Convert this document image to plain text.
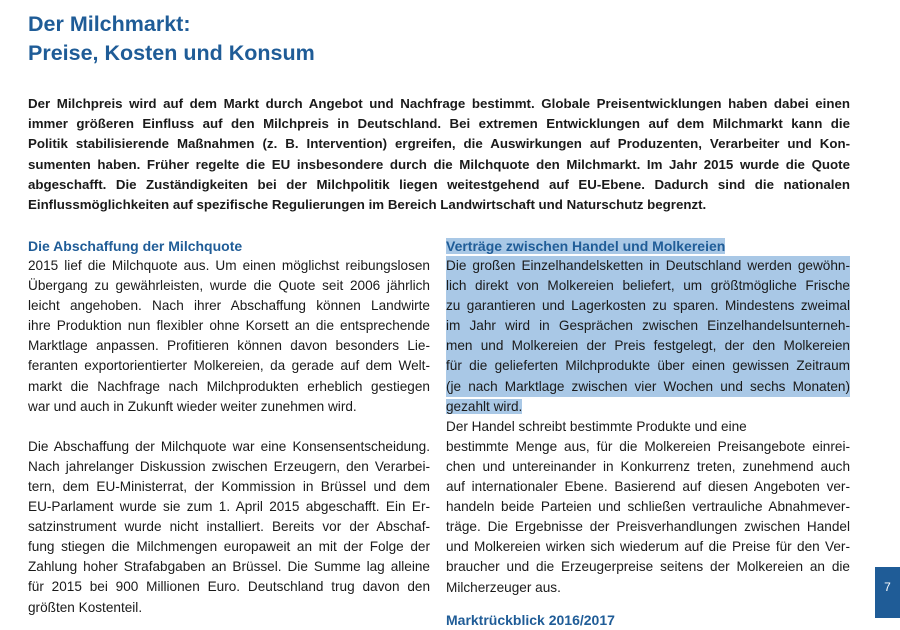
Der Milchmarkt:
Preise, Kosten und Konsum
Der Milchpreis wird auf dem Markt durch Angebot und Nachfrage bestimmt. Globale Preisentwicklungen haben dabei einen
immer größeren Einfluss auf den Milchpreis in Deutschland. Bei extremen Entwicklungen auf dem Milchmarkt kann die
Politik stabilisierende Maßnahmen (z. B. Intervention) ergreifen, die Auswirkungen auf Produzenten, Verarbeiter und Kon-
sumenten haben. Früher regelte die EU insbesondere durch die Milchquote den Milchmarkt. Im Jahr 2015 wurde die Quote
abgeschafft. Die Zuständigkeiten bei der Milchpolitik liegen weitestgehend auf EU-Ebene. Dadurch sind die nationalen
Einflussmöglichkeiten auf spezifische Regulierungen im Bereich Landwirtschaft und Naturschutz begrenzt.
Die Abschaffung der Milchquote

2015 lief die Milchquote aus. Um einen möglichst reibungslosen
Übergang zu gewährleisten, wurde die Quote seit 2006 jährlich
leicht angehoben. Nach ihrer Abschaffung können Landwirte
ihre Produktion nun flexibler ohne Korsett an die entsprechende
Marktlage anpassen. Profitieren können davon besonders Lie-
feranten exportorientierter Molkereien, da gerade auf dem Welt-
markt die Nachfrage nach Milchprodukten erheblich gestiegen
war und auch in Zukunft wieder weiter zunehmen wird.

Die Abschaffung der Milchquote war eine Konsensentscheidung.
Nach jahrelanger Diskussion zwischen Erzeugern, den Verarbei-
tern, dem EU-Ministerrat, der Kommission in Brüssel und dem
EU-Parlament wurde sie zum 1. April 2015 abgeschafft. Ein Er-
satzinstrument wurde nicht installiert. Bereits vor der Abschaf-
fung stiegen die Milchmengen europaweit an mit der Folge der
Zahlung hoher Strafabgaben an Brüssel. Die Summe lag alleine
für 2015 bei 900 Millionen Euro. Deutschland trug davon den
größten Kostenteil.

Verträge zwischen Handel und Molkereien

Die großen Einzelhandelsketten in Deutschland werden gewöhn-
lich direkt von Molkereien beliefert, um größtmögliche Frische
zu garantieren und Lagerkosten zu sparen. Mindestens zweimal
im Jahr wird in Gesprächen zwischen Einzelhandelsunterneh-
men und Molkereien der Preis festgelegt, der den Molkereien
für die gelieferten Milchprodukte über einen gewissen Zeitraum
(je nach Marktlage zwischen vier Wochen und sechs Monaten)
gezahlt wird.
Der Handel schreibt bestimmte Produkte und eine
bestimmte Menge aus, für die Molkereien Preisangebote einrei-
chen und untereinander in Konkurrenz treten, zunehmend auch
auf internationaler Ebene. Basierend auf diesen Angeboten ver-
handeln beide Parteien und schließen vertrauliche Abnahmever-
träge. Die Ergebnisse der Preisverhandlungen zwischen Handel
und Molkereien wirken sich wiederum auf die Preise für den Ver-
braucher und die Erzeugerpreise seitens der Molkereien an die
Milcherzeuger aus.

Marktrückblick 2016/2017
7
